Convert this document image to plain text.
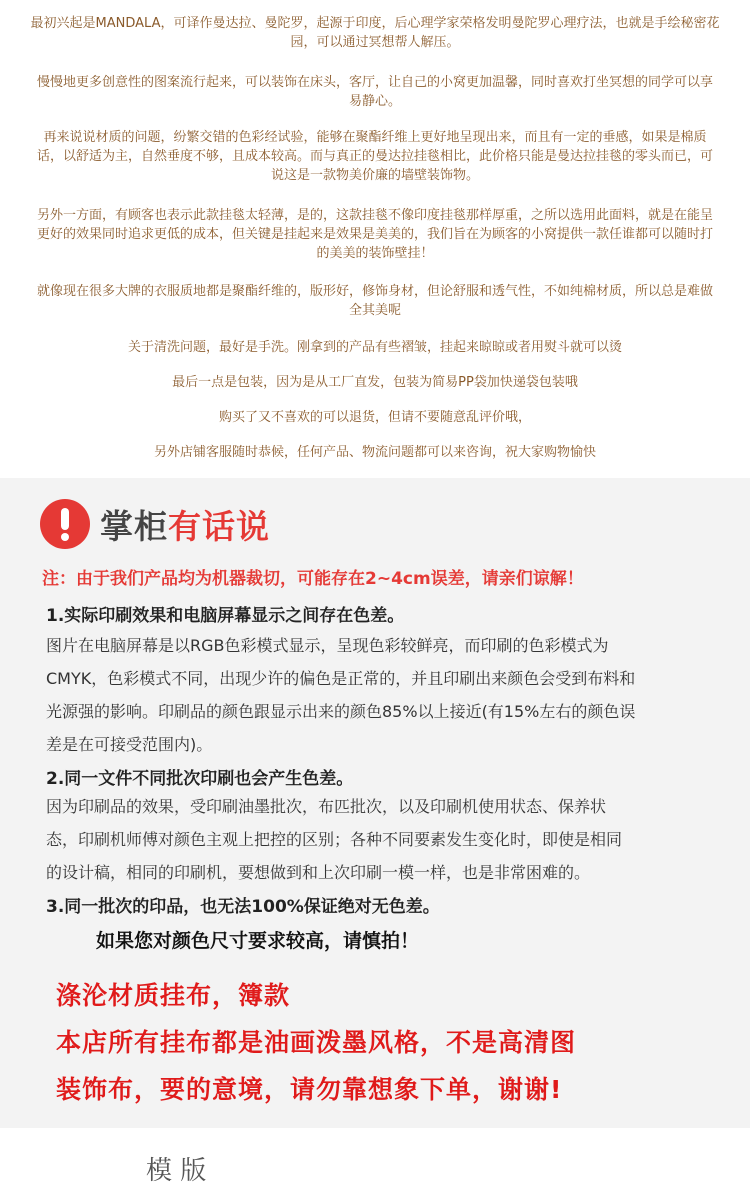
最初兴起是MANDALA，可译作曼达拉、曼陀罗，起源于印度，后心理学家荣格发明曼陀罗心理疗法，也就是手绘秘密花
园，可以通过冥想帮人解压。
慢慢地更多创意性的图案流行起来，可以装饰在床头，客厅，让自己的小窝更加温馨，同时喜欢打坐冥想的同学可以享
易静心。
再来说说材质的问题，纷繁交错的色彩经试验，能够在聚酯纤维上更好地呈现出来，而且有一定的垂感，如果是棉质
话，以舒适为主，自然垂度不够，且成本较高。而与真正的曼达拉挂毯相比，此价格只能是曼达拉挂毯的零头而已，可
说这是一款物美价廉的墙壁装饰物。
另外一方面，有顾客也表示此款挂毯太轻薄，是的，这款挂毯不像印度挂毯那样厚重，之所以选用此面料，就是在能呈
更好的效果同时追求更低的成本，但关键是挂起来是效果是美美的，我们旨在为顾客的小窝提供一款任谁都可以随时打
的美美的装饰壁挂！
就像现在很多大牌的衣服质地都是聚酯纤维的，版形好，修饰身材，但论舒服和透气性，不如纯棉材质，所以总是难做
全其美呢
关于清洗问题，最好是手洗。刚拿到的产品有些褶皱，挂起来晾晾或者用熨斗就可以烫
最后一点是包装，因为是从工厂直发，包装为简易PP袋加快递袋包装哦
购买了又不喜欢的可以退货，但请不要随意乱评价哦，
另外店铺客服随时恭候，任何产品、物流问题都可以来咨询，祝大家购物愉快
掌柜有话说
注：由于我们产品均为机器裁切，可能存在2~4cm误差，请亲们谅解！
1.实际印刷效果和电脑屏幕显示之间存在色差。
图片在电脑屏幕是以RGB色彩模式显示，呈现色彩较鲜亮，而印刷的色彩模式为
CMYK，色彩模式不同，出现少许的偏色是正常的，并且印刷出来颜色会受到布料和
光源强的影响。印刷品的颜色跟显示出来的颜色85%以上接近(有15%左右的颜色误
差是在可接受范围内)。
2.同一文件不同批次印刷也会产生色差。
因为印刷品的效果，受印刷油墨批次，布匹批次，以及印刷机使用状态、保养状
态，印刷机师傅对颜色主观上把控的区别；各种不同要素发生变化时，即使是相同
的设计稿，相同的印刷机，要想做到和上次印刷一模一样，也是非常困难的。
3.同一批次的印品，也无法100%保证绝对无色差。
如果您对颜色尺寸要求较高，请慎拍！
涤沦材质挂布，簿款
本店所有挂布都是油画泼墨风格，不是高清图
装饰布，要的意境，请勿靠想象下单，谢谢!
模 版
